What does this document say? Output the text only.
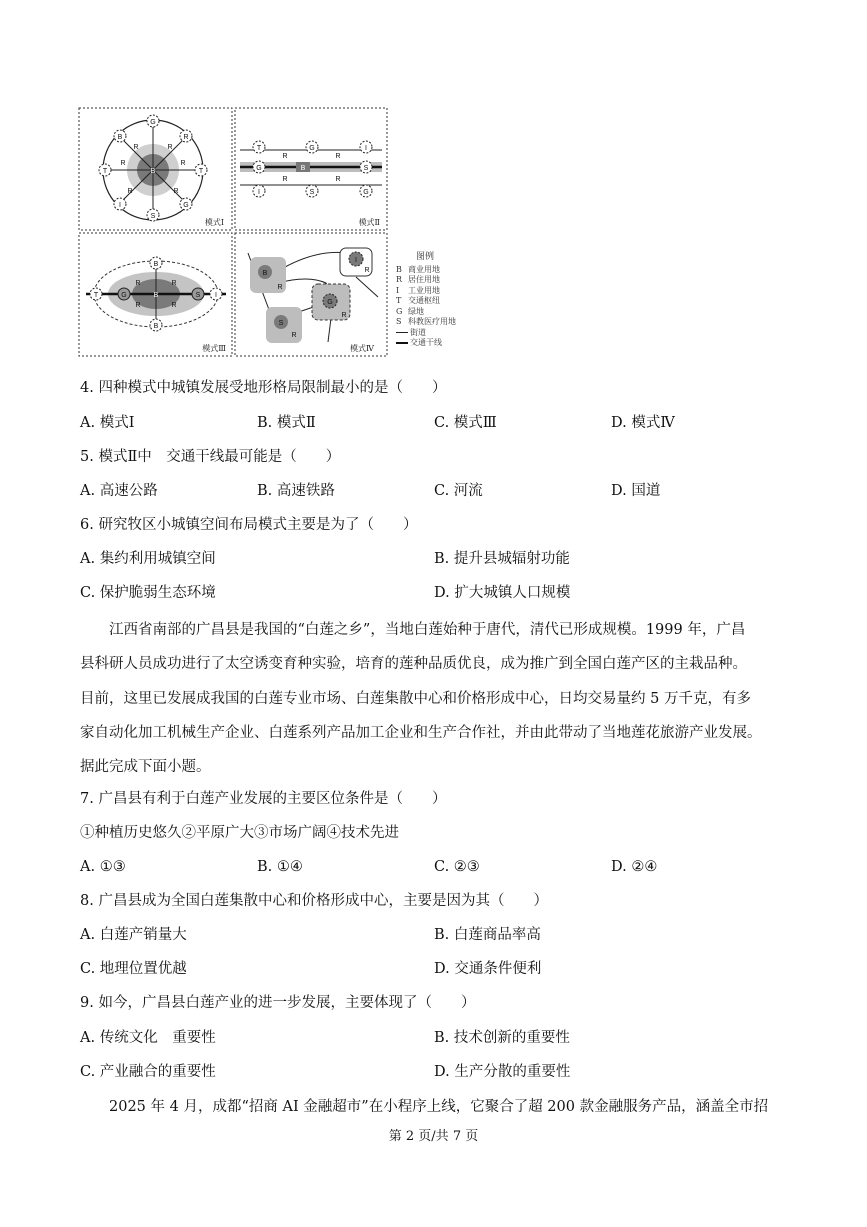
B
G
R
T	T
I
S
G
B
R	R
R	R
R	R
模式Ⅰ
T	G	I
G	B	S
I	S	G
R	R
R	R
模式Ⅱ
B
B
T	I
G	S
B
R	R
R	R
模式Ⅲ
B
S
G
I
R
R
R
R
模式Ⅳ
图例
B 商业用地
R 居住用地
I	工业用地
T 交通枢纽
G 绿地
S 科教医疗用地
街道
交通干线
4. 四种模式中城镇发展受地形格局限制最小的是（　　）
A. 模式Ⅰ	B. 模式Ⅱ	C. 模式Ⅲ	D. 模式Ⅳ
5. 模式Ⅱ中　交通干线最可能是（　　）
A. 高速公路	B. 高速铁路	C. 河流	D. 国道
6. 研究牧区小城镇空间布局模式主要是为了（　　）
A. 集约利用城镇空间	B. 提升县城辐射功能
C. 保护脆弱生态环境	D. 扩大城镇人口规模
　　江西省南部的广昌县是我国的“白莲之乡”，当地白莲始种于唐代，清代已形成规模。1999 年，广昌
县科研人员成功进行了太空诱变育种实验，培育的莲种品质优良，成为推广到全国白莲产区的主栽品种。
目前，这里已发展成我国的白莲专业市场、白莲集散中心和价格形成中心，日均交易量约 5 万千克，有多
家自动化加工机械生产企业、白莲系列产品加工企业和生产合作社，并由此带动了当地莲花旅游产业发展。
据此完成下面小题。
7. 广昌县有利于白莲产业发展的主要区位条件是（　　）
①种植历史悠久②平原广大③市场广阔④技术先进
A. ①③	B. ①④	C. ②③	D. ②④
8. 广昌县成为全国白莲集散中心和价格形成中心，主要是因为其（　　）
A. 白莲产销量大	B. 白莲商品率高
C. 地理位置优越	D. 交通条件便利
9. 如今，广昌县白莲产业的进一步发展，主要体现了（　　）
A. 传统文化　重要性	B. 技术创新的重要性
C. 产业融合的重要性	D. 生产分散的重要性
　　2025 年 4 月，成都“招商 AI 金融超市”在小程序上线，它聚合了超 200 款金融服务产品，涵盖全市招
第 2 页/共 7 页
